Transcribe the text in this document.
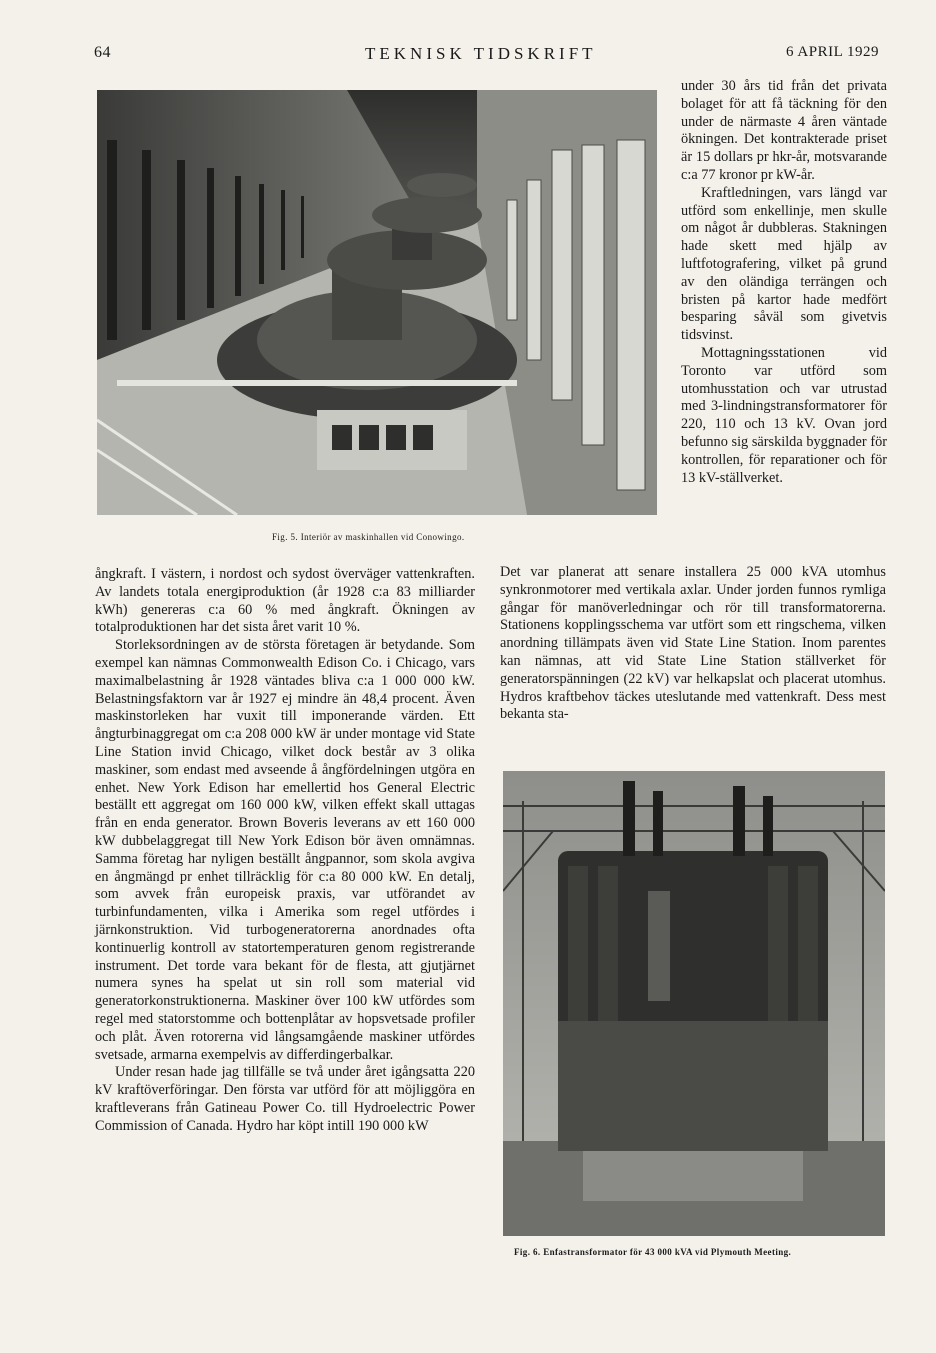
64	TEKNISK TIDSKRIFT	6 APRIL 1929
Fig. 5. Interiör av maskinhallen vid Conowingo.

under 30 års tid från det privata bolaget för att få täckning för den under de närmaste 4 åren väntade ökningen. Det kontrakterade priset är 15 dollars pr hkr-år, motsvarande c:a 77 kronor pr kW-år.

Kraftledningen, vars längd var utförd som enkellinje, men skulle om något år dubbleras. Stakningen hade skett med hjälp av luftfotografering, vilket på grund av den oländiga terrängen och bristen på kartor hade medfört besparing såväl som givetvis tidsvinst.

Mottagningsstationen vid Toronto var utförd som utomhusstation och var utrustad med 3-lindningstransformatorer för 220, 110 och 13 kV. Ovan jord befunno sig särskilda byggnader för kontrollen, för reparationer och för 13 kV-ställverket.

Det var planerat att senare installera 25 000 kVA utomhus synkronmotorer med vertikala axlar. Under jorden funnos rymliga gångar för manöverledningar och rör till transformatorerna. Stationens kopplingsschema var utfört som ett ringschema, vilken anordning tillämpats även vid State Line Station. Inom parentes kan nämnas, att vid State Line Station ställverket för generatorspänningen (22 kV) var helkapslat och placerat utomhus. Hydros kraftbehov täckes uteslutande med vattenkraft. Dess mest bekanta sta-

ångkraft. I västern, i nordost och sydost överväger vattenkraften. Av landets totala energiproduktion (år 1928 c:a 83 milliarder kWh) genereras c:a 60 % med ångkraft. Ökningen av totalproduktionen har det sista året varit 10 %.

Storleksordningen av de största företagen är betydande. Som exempel kan nämnas Commonwealth Edison Co. i Chicago, vars maximalbelastning år 1928 väntades bliva c:a 1 000 000 kW. Belastningsfaktorn var år 1927 ej mindre än 48,4 procent. Även maskinstorleken har vuxit till imponerande värden. Ett ångturbinaggregat om c:a 208 000 kW är under montage vid State Line Station invid Chicago, vilket dock består av 3 olika maskiner, som endast med avseende å ångfördelningen utgöra en enhet. New York Edison har emellertid hos General Electric beställt ett aggregat om 160 000 kW, vilken effekt skall uttagas från en enda generator. Brown Boveris leverans av ett 160 000 kW dubbelaggregat till New York Edison bör även omnämnas. Samma företag har nyligen beställt ångpannor, som skola avgiva en ångmängd pr enhet tillräcklig för c:a 80 000 kW. En detalj, som avvek från europeisk praxis, var utförandet av turbinfundamenten, vilka i Amerika som regel utfördes i järnkonstruktion. Vid turbogeneratorerna anordnades ofta kontinuerlig kontroll av statortemperaturen genom registrerande instrument. Det torde vara bekant för de flesta, att gjutjärnet numera synes ha spelat ut sin roll som material vid generatorkonstruktionerna. Maskiner över 100 kW utfördes som regel med statorstomme och bottenplåtar av hopsvetsade profiler och plåt. Även rotorerna vid långsamgående maskiner utfördes svetsade, armarna exempelvis av differdingerbalkar.

Under resan hade jag tillfälle se två under året igångsatta 220 kV kraftöverföringar. Den första var utförd för att möjliggöra en kraftleverans från Gatineau Power Co. till Hydroelectric Power Commission of Canada. Hydro har köpt intill 190 000 kW

Fig. 6. Enfastransformator för 43 000 kVA vid Plymouth Meeting.
